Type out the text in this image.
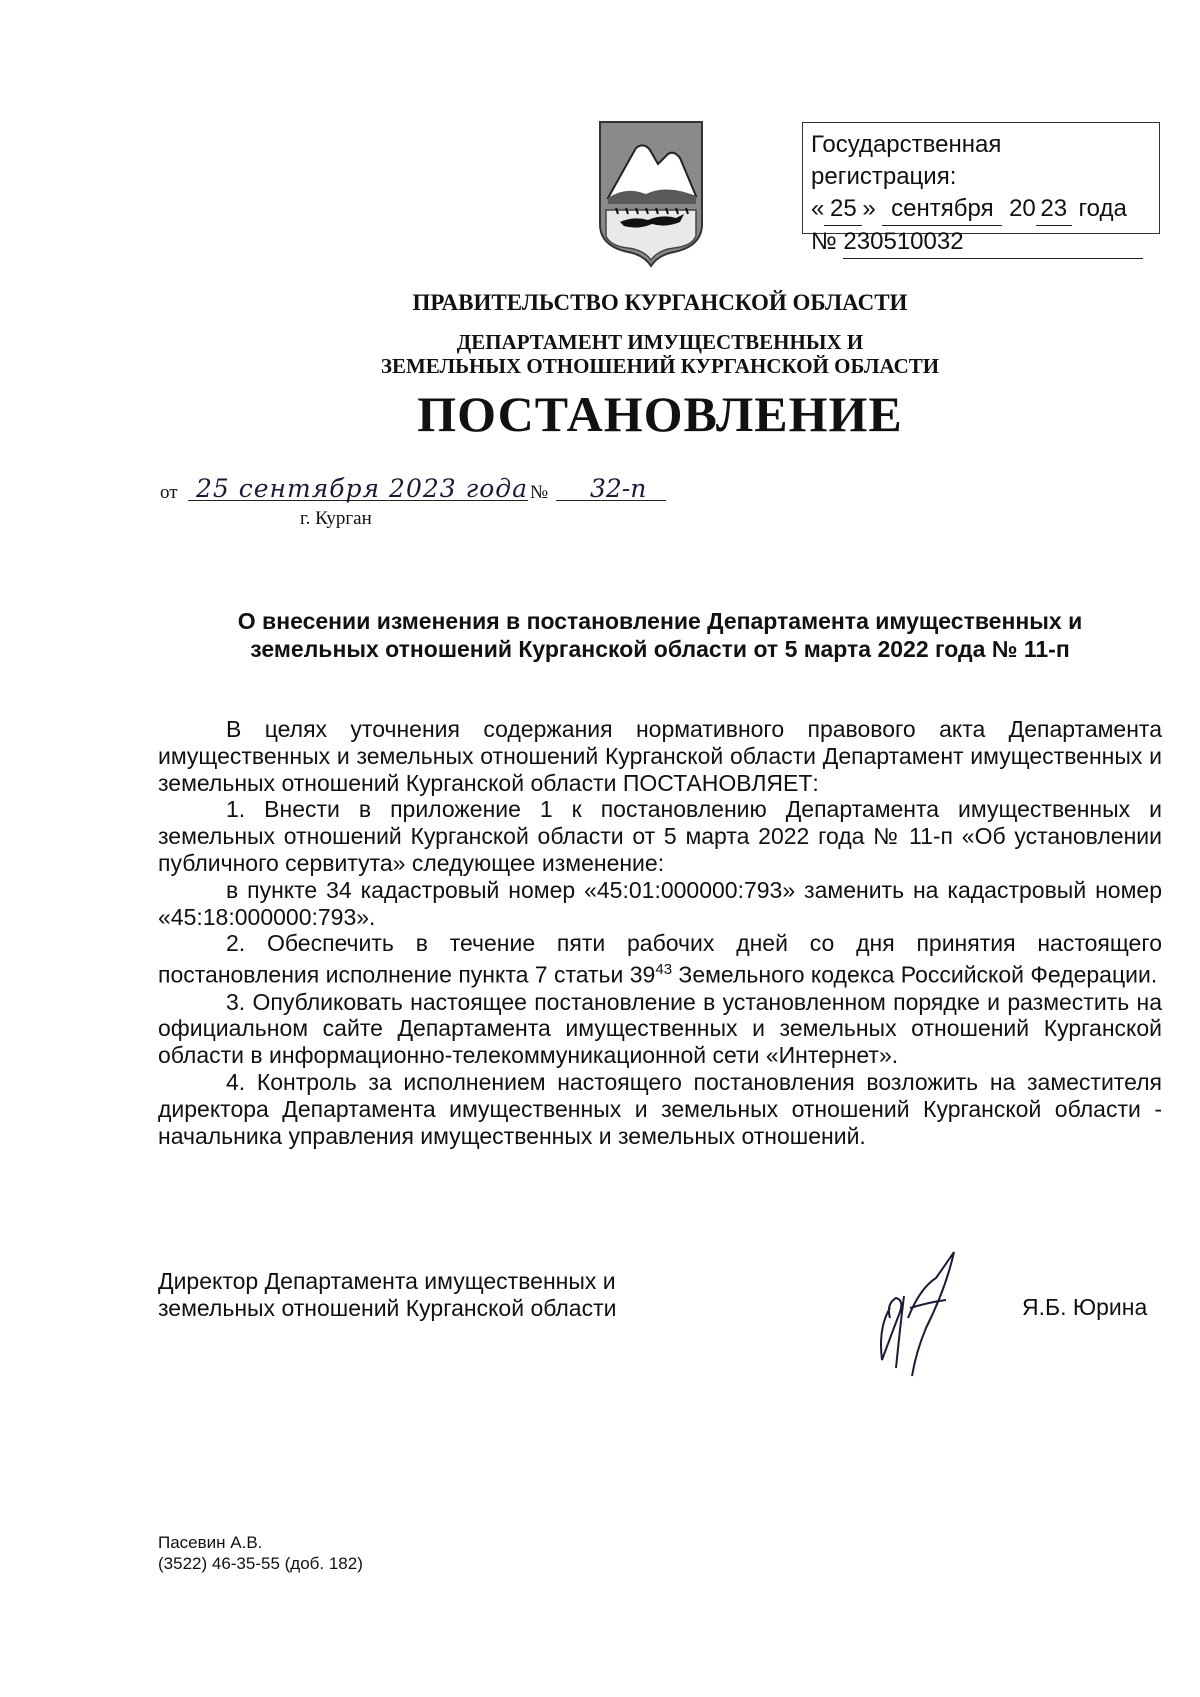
Государственная регистрация:
« 25 » сентября 20 23 года
№ 230510032
ПРАВИТЕЛЬСТВО КУРГАНСКОЙ ОБЛАСТИ
ДЕПАРТАМЕНТ ИМУЩЕСТВЕННЫХ И
ЗЕМЕЛЬНЫХ ОТНОШЕНИЙ КУРГАНСКОЙ ОБЛАСТИ
ПОСТАНОВЛЕНИЕ
от 25 сентября 2023 года № 32-п
г. Курган
О внесении изменения в постановление Департамента имущественных и
земельных отношений Курганской области от 5 марта 2022 года № 11-п

В целях уточнения содержания нормативного правового акта Департамента имущественных и земельных отношений Курганской области Департамент имущественных и земельных отношений Курганской области ПОСТАНОВЛЯЕТ:

1. Внести в приложение 1 к постановлению Департамента имущественных и земельных отношений Курганской области от 5 марта 2022 года № 11-п «Об установлении публичного сервитута» следующее изменение:

в пункте 34 кадастровый номер «45:01:000000:793» заменить на кадастровый номер «45:18:000000:793».

2. Обеспечить в течение пяти рабочих дней со дня принятия настоящего постановления исполнение пункта 7 статьи $39^{43}$ Земельного кодекса Российской Федерации.

3. Опубликовать настоящее постановление в установленном порядке и разместить на официальном сайте Департамента имущественных и земельных отношений Курганской области в информационно-телекоммуникационной сети «Интернет».

4. Контроль за исполнением настоящего постановления возложить на заместителя директора Департамента имущественных и земельных отношений Курганской области - начальника управления имущественных и земельных отношений.

Директор Департамента имущественных и
земельных отношений Курганской области	Я.Б. Юрина
Пасевин А.В.
(3522) 46-35-55 (доб. 182)
